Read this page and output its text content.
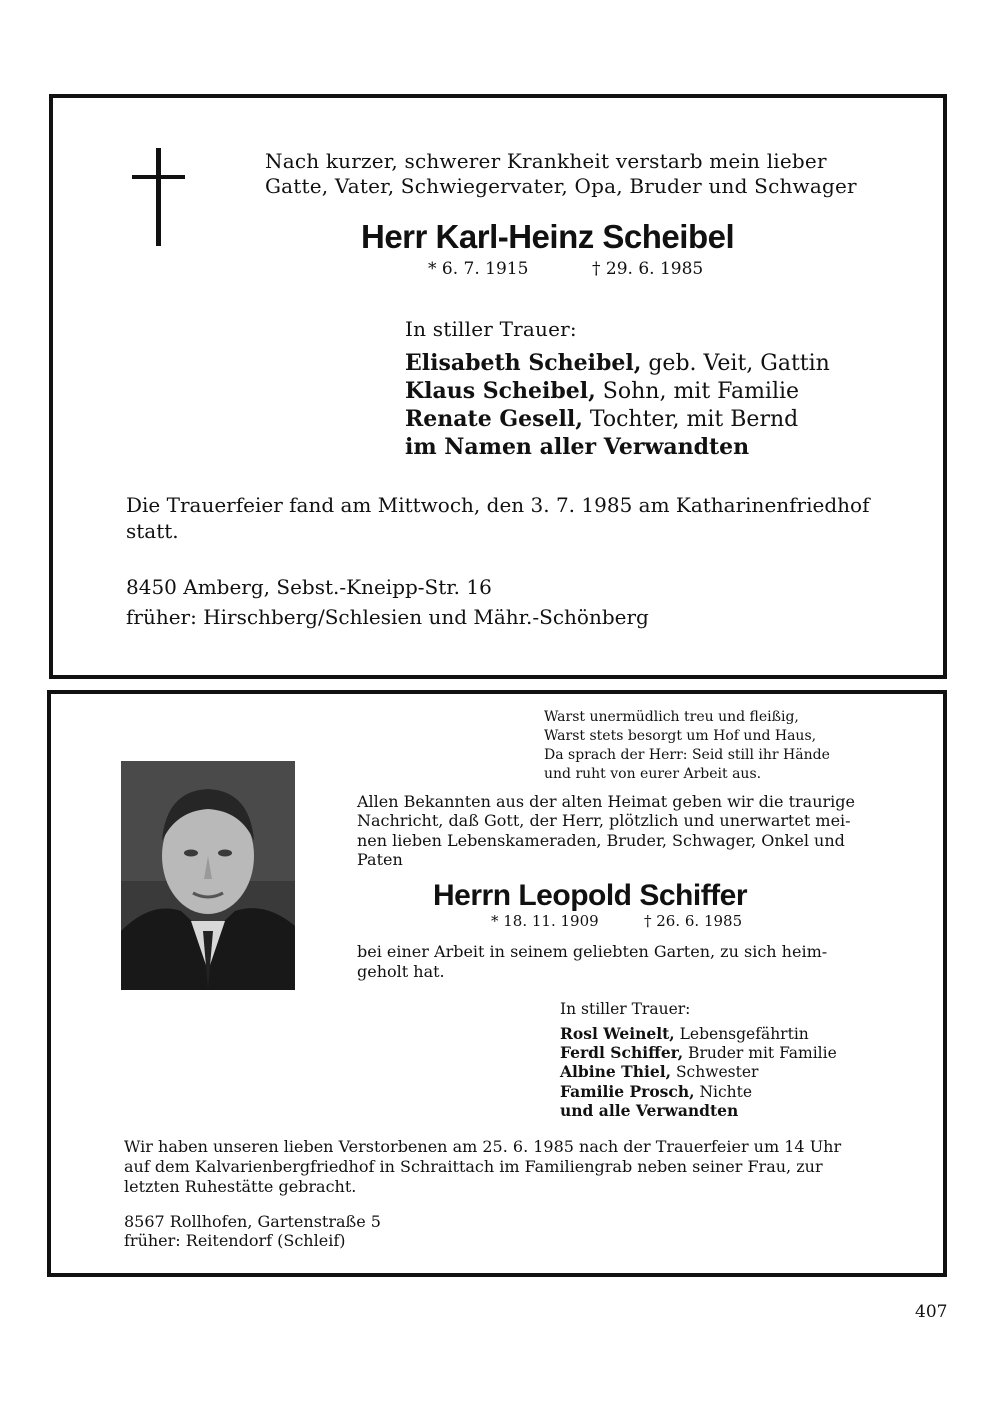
Nach kurzer, schwerer Krankheit verstarb mein lieber
Gatte, Vater, Schwiegervater, Opa, Bruder und Schwager
Herr Karl-Heinz Scheibel
* 6. 7. 1915	† 29. 6. 1985
In stiller Trauer:
Elisabeth Scheibel, geb. Veit, Gattin
Klaus Scheibel, Sohn, mit Familie
Renate Gesell, Tochter, mit Bernd
im Namen aller Verwandten
Die Trauerfeier fand am Mittwoch, den 3. 7. 1985 am Katharinenfriedhof
statt.
8450 Amberg, Sebst.-Kneipp-Str. 16
früher: Hirschberg/Schlesien und Mähr.-Schönberg
Warst unermüdlich treu und fleißig,
Warst stets besorgt um Hof und Haus,
Da sprach der Herr: Seid still ihr Hände
und ruht von eurer Arbeit aus.
Allen Bekannten aus der alten Heimat geben wir die traurige
Nachricht, daß Gott, der Herr, plötzlich und unerwartet mei-
nen lieben Lebenskameraden, Bruder, Schwager, Onkel und
Paten
Herrn Leopold Schiffer
* 18. 11. 1909	† 26. 6. 1985
bei einer Arbeit in seinem geliebten Garten, zu sich heim-
geholt hat.
In stiller Trauer:
Rosl Weinelt, Lebensgefährtin
Ferdl Schiffer, Bruder mit Familie
Albine Thiel, Schwester
Familie Prosch, Nichte
und alle Verwandten
Wir haben unseren lieben Verstorbenen am 25. 6. 1985 nach der Trauerfeier um 14 Uhr
auf dem Kalvarienbergfriedhof in Schraittach im Familiengrab neben seiner Frau, zur
letzten Ruhestätte gebracht.
8567 Rollhofen, Gartenstraße 5
früher: Reitendorf (Schleif)
407
